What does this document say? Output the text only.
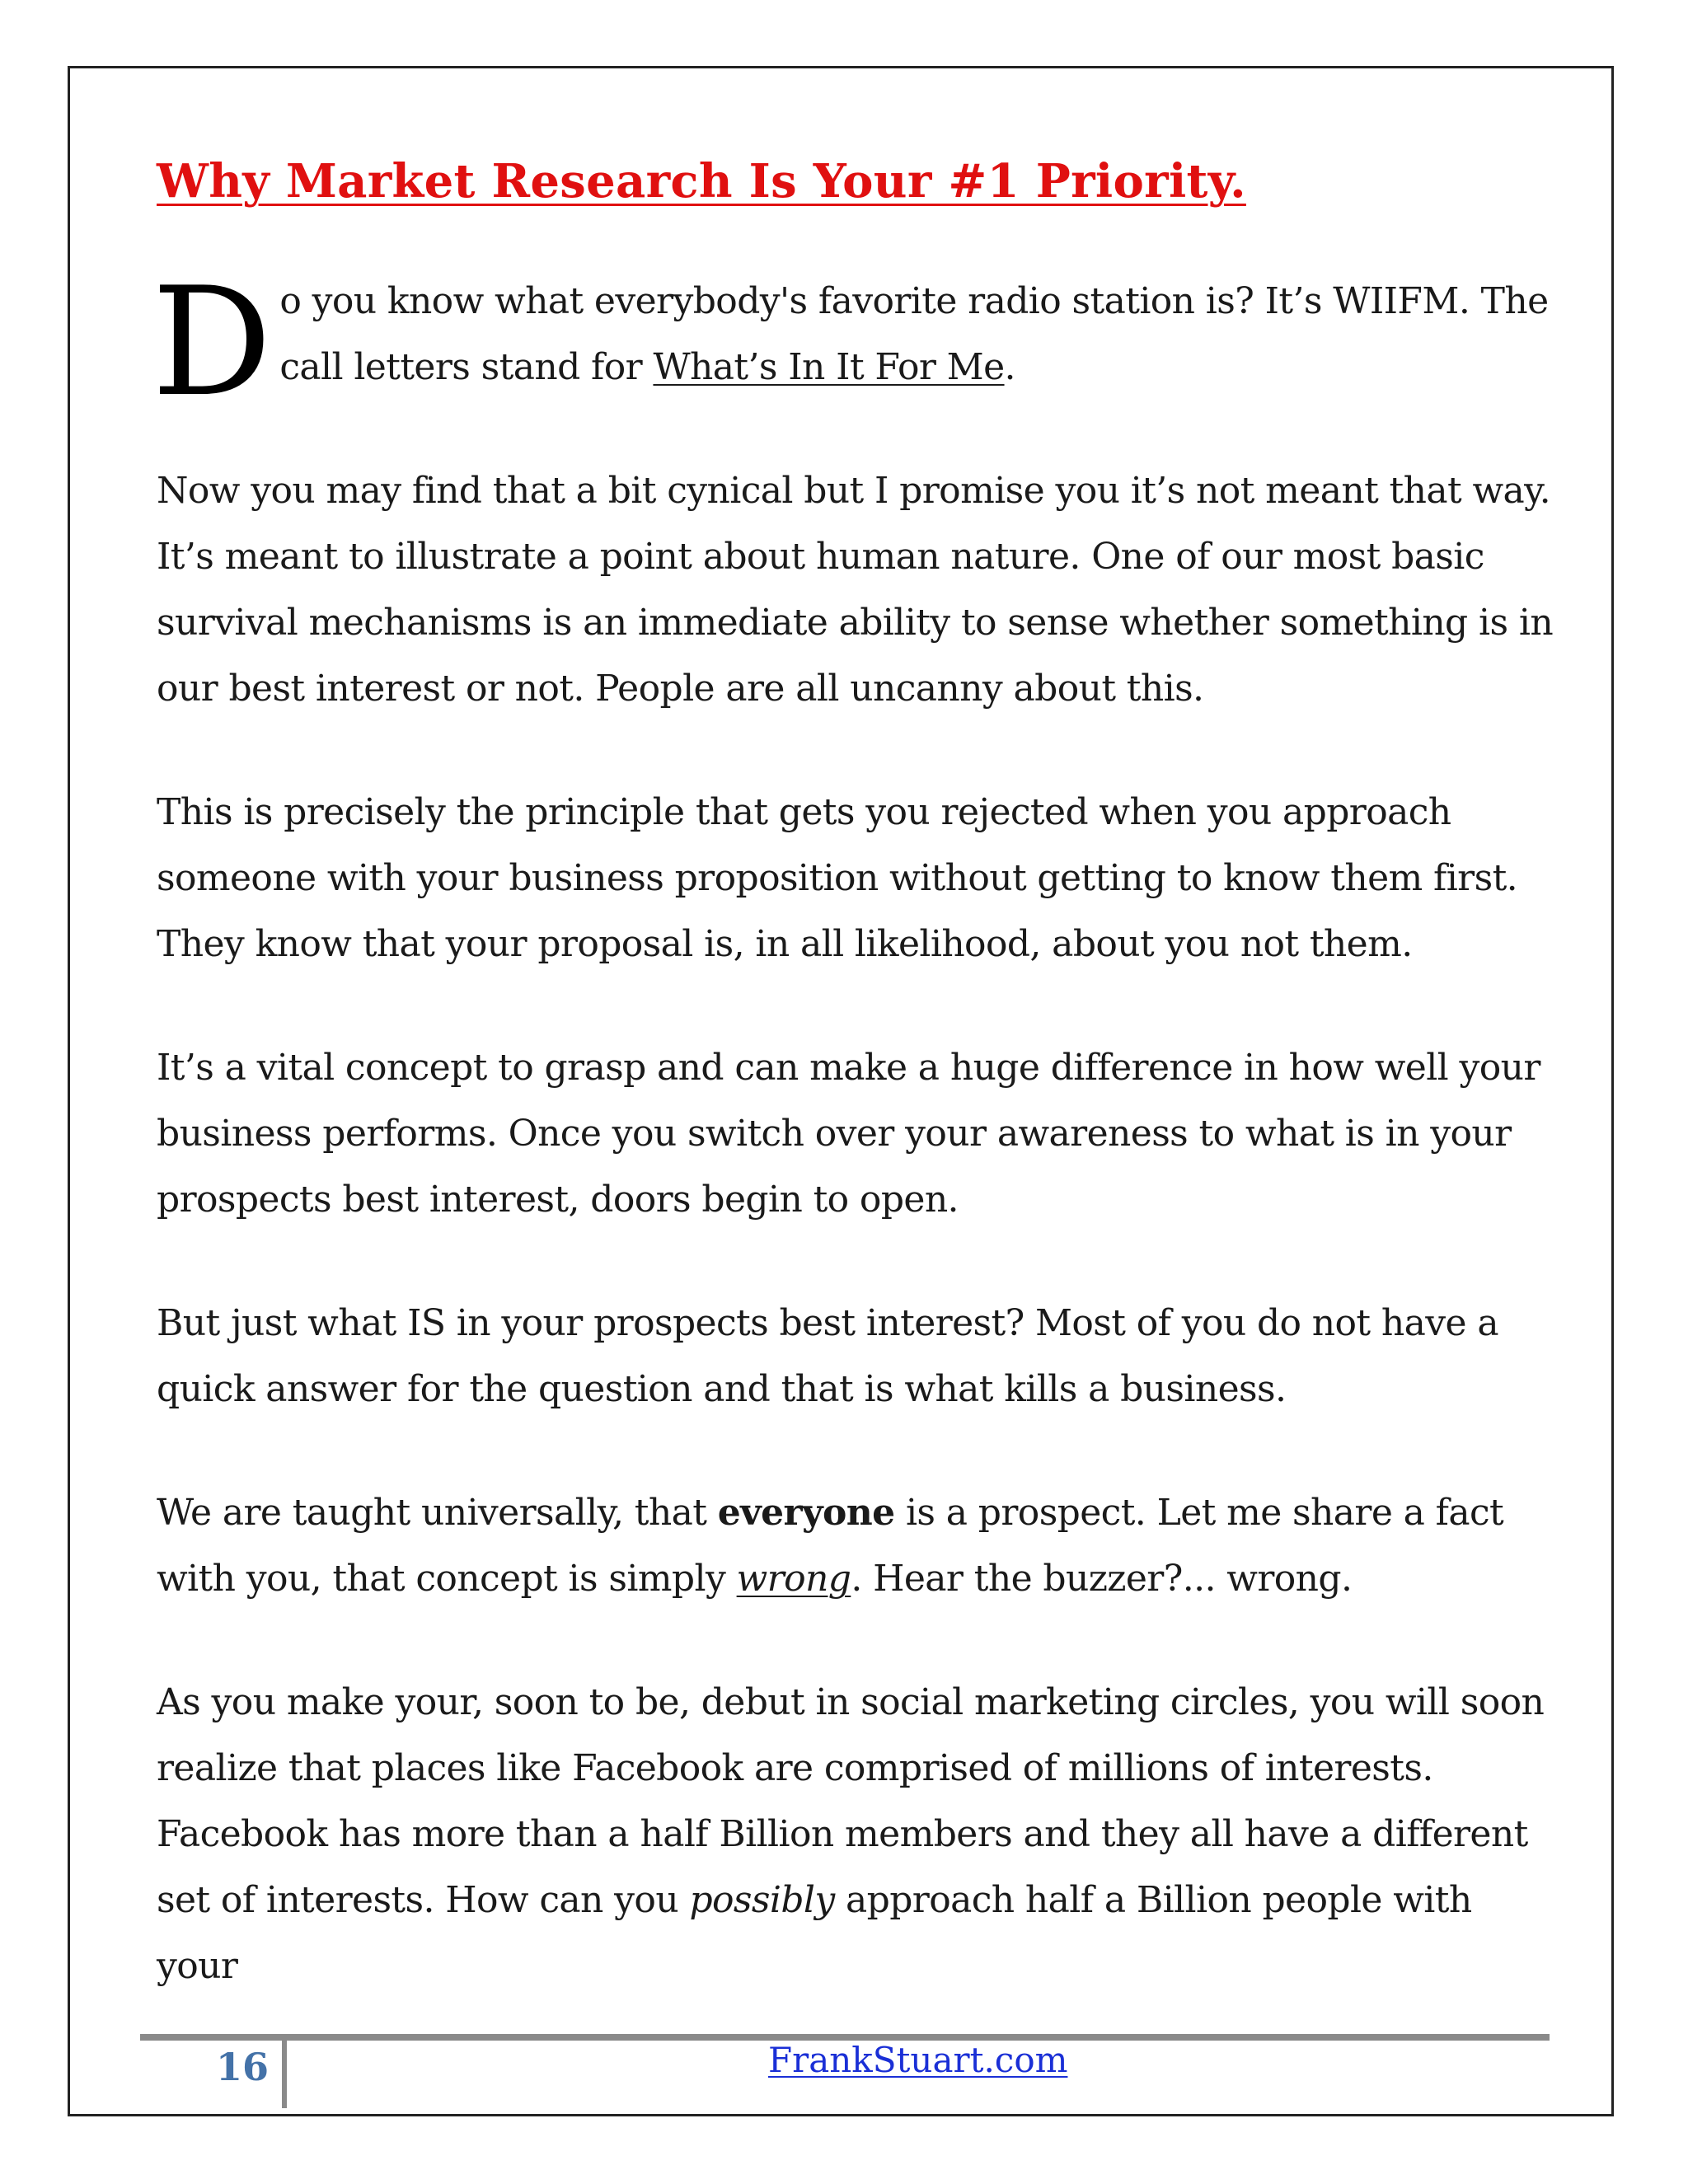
Why Market Research Is Your #1 Priority.

Do you know what everybody's favorite radio station is? It’s WIIFM. The call letters stand for What’s In It For Me.

Now you may find that a bit cynical but I promise you it’s not meant that way. It’s meant to illustrate a point about human nature. One of our most basic survival mechanisms is an immediate ability to sense whether something is in our best interest or not. People are all uncanny about this.

This is precisely the principle that gets you rejected when you approach someone with your business proposition without getting to know them first. They know that your proposal is, in all likelihood, about you not them.

It’s a vital concept to grasp and can make a huge difference in how well your business performs. Once you switch over your awareness to what is in your prospects best interest, doors begin to open.

But just what IS in your prospects best interest? Most of you do not have a quick answer for the question and that is what kills a business.

We are taught universally, that everyone is a prospect. Let me share a fact with you, that concept is simply wrong. Hear the buzzer?... wrong.

As you make your, soon to be, debut in social marketing circles, you will soon realize that places like Facebook are comprised of millions of interests. Facebook has more than a half Billion members and they all have a different set of interests. How can you possibly approach half a Billion people with your

16	FrankStuart.com
